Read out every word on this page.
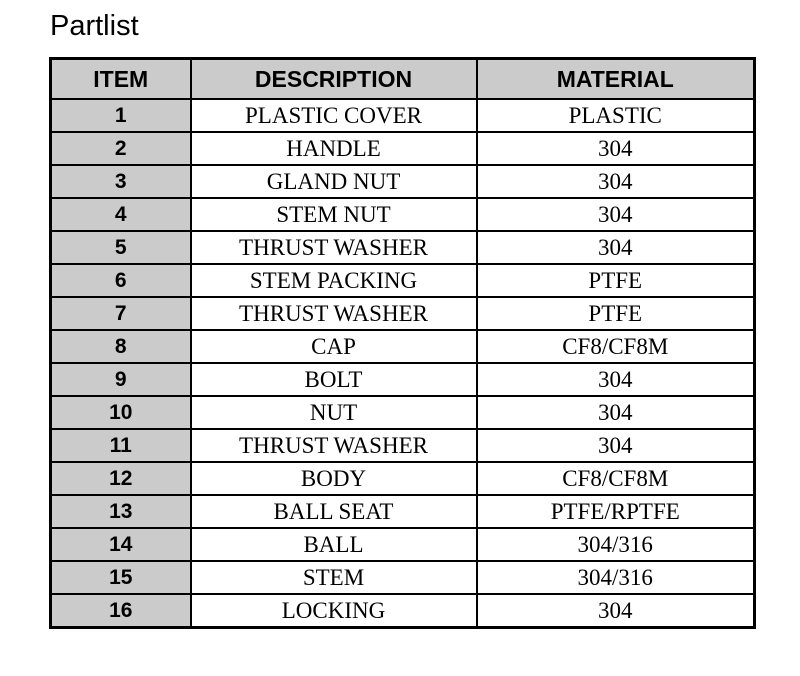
Partlist
ITEM	DESCRIPTION	MATERIAL
1	PLASTIC COVER	PLASTIC
2	HANDLE	304
3	GLAND NUT	304
4	STEM NUT	304
5	THRUST WASHER	304
6	STEM PACKING	PTFE
7	THRUST WASHER	PTFE
8	CAP	CF8/CF8M
9	BOLT	304
10	NUT	304
11	THRUST WASHER	304
12	BODY	CF8/CF8M
13	BALL SEAT	PTFE/RPTFE
14	BALL	304/316
15	STEM	304/316
16	LOCKING	304
